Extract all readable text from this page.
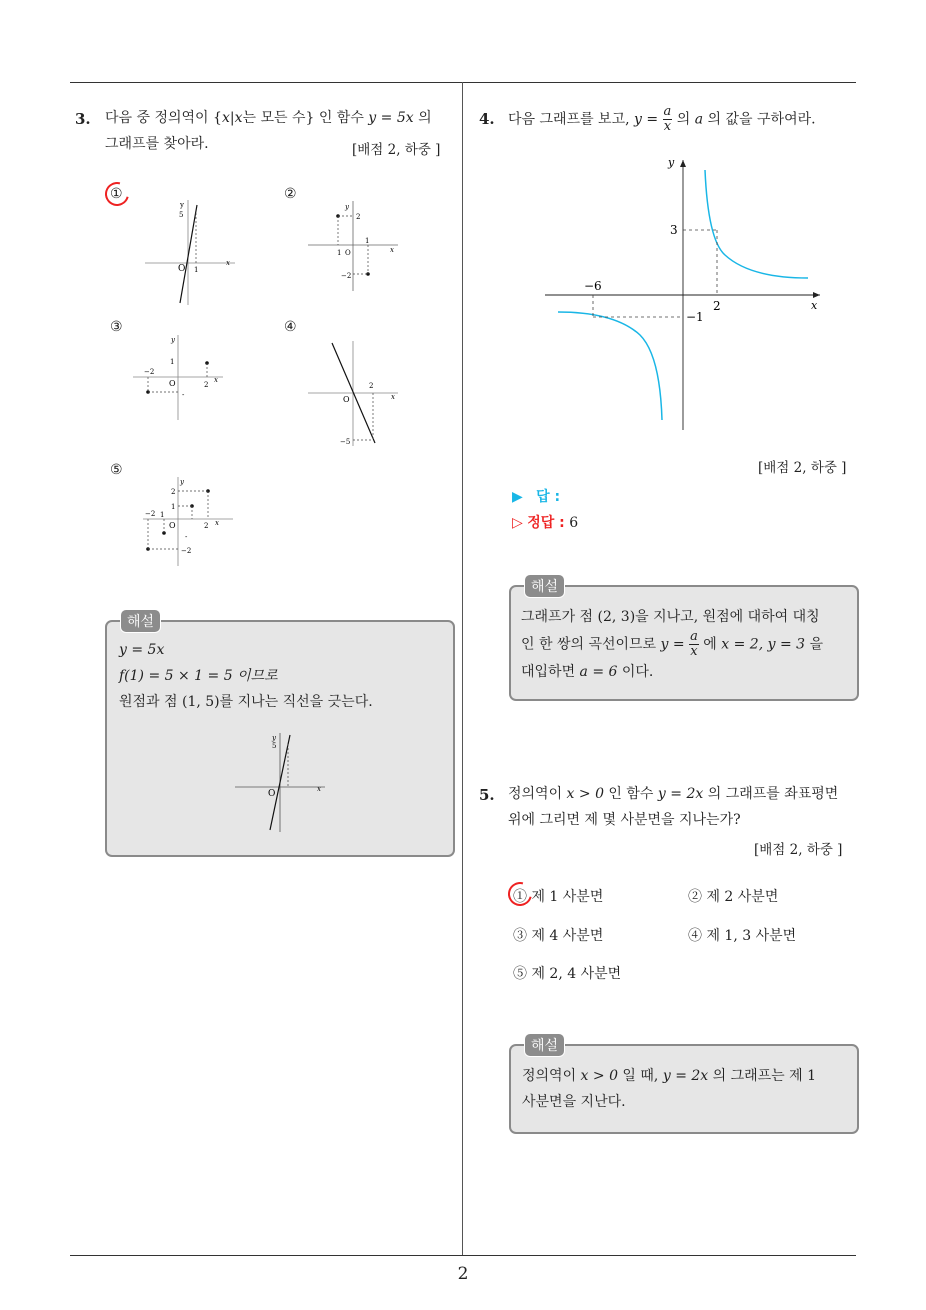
3. 다음 중 정의역이 {x|x는 모든 수} 인 함수 y = 5x 의
그래프를 찾아라.	[배점 2, 하중 ]
①	②
③	④
⑤
y
5
O 1
x
y
2
1 O
1
−2
x
y
1
−2
O	2
x
-
2
O
−5
x
y
2
1
−2 1
O	2 x
−2
-
해설
y = 5x
f(1) = 5 × 1 = 5 이므로
원점과 점 (1, 5)를 지나는 직선을 긋는다.
y
5
O	x
4. 다음 그래프를 보고, $y = \frac{a}{x}$ 의 a 의 값을 구하여라.
y
x
3
−6
2
−1
[배점 2, 하중 ]
▶ 답 :
▷ 정답 : 6
해설
그래프가 점 (2, 3)을 지나고, 원점에 대하여 대칭
인 한 쌍의 곡선이므로 $y = \frac{a}{x}$ 에 x = 2, y = 3 을
대입하면 a = 6 이다.
5. 정의역이 x > 0 인 함수 y = 2x 의 그래프를 좌표평면
위에 그리면 제 몇 사분면을 지나는가?
[배점 2, 하중 ]
① 제 1 사분면	② 제 2 사분면
③ 제 4 사분면	④ 제 1, 3 사분면
⑤ 제 2, 4 사분면
해설
정의역이 x > 0 일 때, y = 2x 의 그래프는 제 1
사분면을 지난다.
2
